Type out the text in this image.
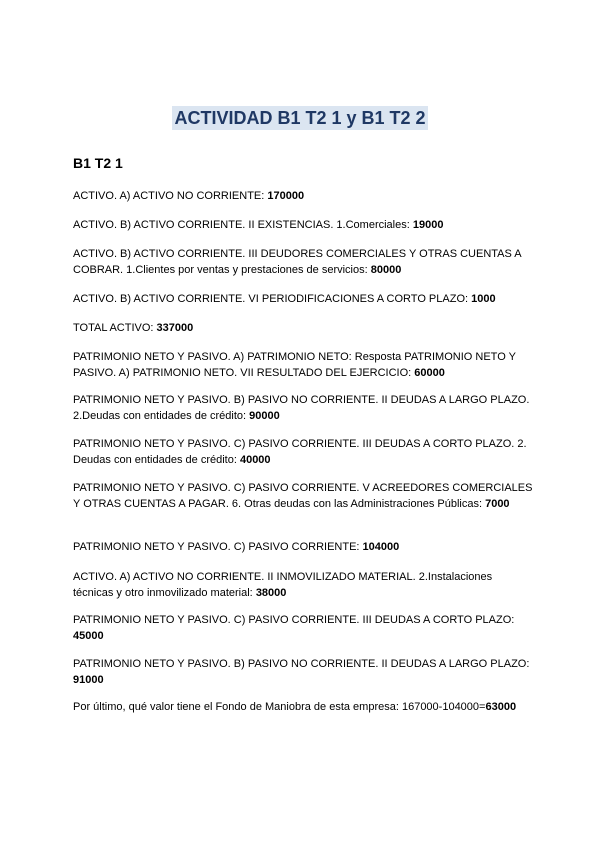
ACTIVIDAD B1 T2 1 y B1 T2 2
B1 T2 1

ACTIVO. A) ACTIVO NO CORRIENTE: 170000

ACTIVO. B) ACTIVO CORRIENTE. II EXISTENCIAS. 1.Comerciales: 19000

ACTIVO. B) ACTIVO CORRIENTE. III DEUDORES COMERCIALES Y OTRAS CUENTAS A COBRAR. 1.Clientes por ventas y prestaciones de servicios: 80000

ACTIVO. B) ACTIVO CORRIENTE. VI PERIODIFICACIONES A CORTO PLAZO: 1000

TOTAL ACTIVO: 337000

PATRIMONIO NETO Y PASIVO. A) PATRIMONIO NETO: Resposta PATRIMONIO NETO Y PASIVO. A) PATRIMONIO NETO. VII RESULTADO DEL EJERCICIO: 60000

PATRIMONIO NETO Y PASIVO. B) PASIVO NO CORRIENTE. II DEUDAS A LARGO PLAZO. 2.Deudas con entidades de crédito: 90000

PATRIMONIO NETO Y PASIVO. C) PASIVO CORRIENTE. III DEUDAS A CORTO PLAZO. 2. Deudas con entidades de crédito: 40000

PATRIMONIO NETO Y PASIVO. C) PASIVO CORRIENTE. V ACREEDORES COMERCIALES Y OTRAS CUENTAS A PAGAR. 6. Otras deudas con las Administraciones Públicas: 7000

PATRIMONIO NETO Y PASIVO. C) PASIVO CORRIENTE: 104000

ACTIVO. A) ACTIVO NO CORRIENTE. II INMOVILIZADO MATERIAL. 2.Instalaciones técnicas y otro inmovilizado material: 38000

PATRIMONIO NETO Y PASIVO. C) PASIVO CORRIENTE. III DEUDAS A CORTO PLAZO: 45000

PATRIMONIO NETO Y PASIVO. B) PASIVO NO CORRIENTE. II DEUDAS A LARGO PLAZO: 91000

Por último, qué valor tiene el Fondo de Maniobra de esta empresa: 167000-104000=63000
